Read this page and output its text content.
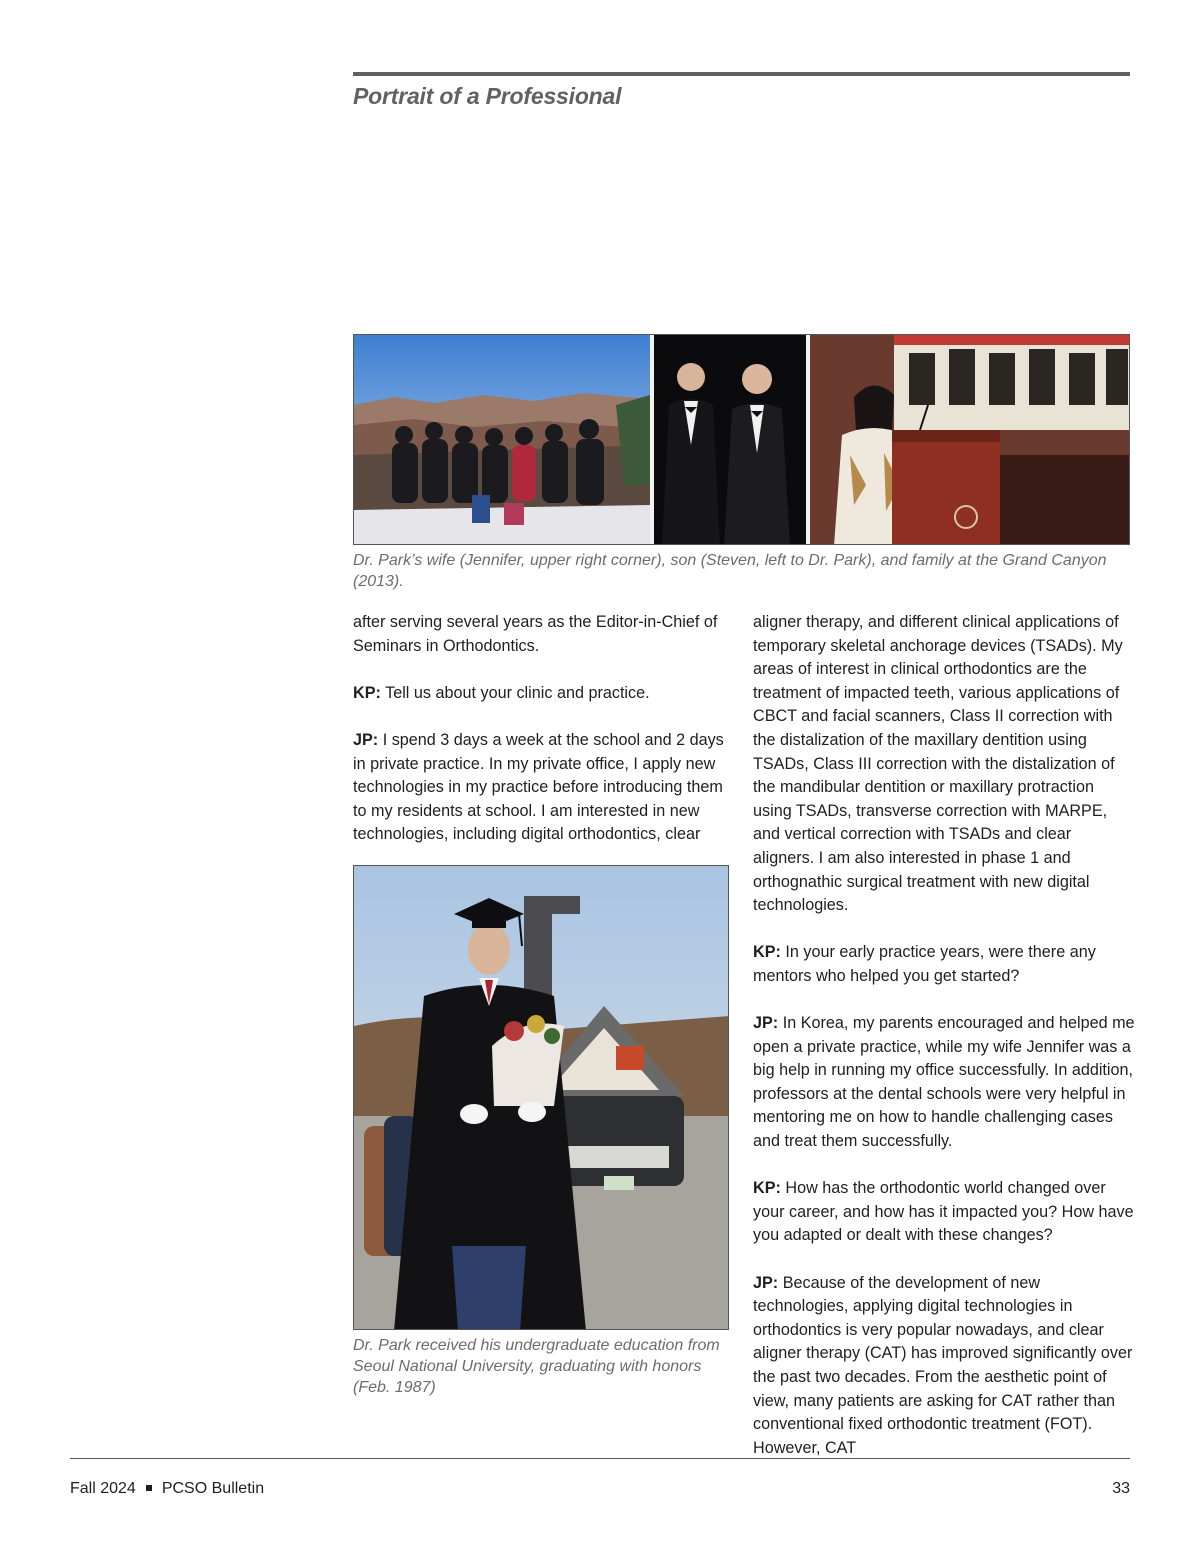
Portrait of a Professional

Dr. Park’s wife (Jennifer, upper right corner), son (Steven, left to Dr. Park), and family at the Grand Canyon (2013).

after serving several years as the Editor-in-Chief of Seminars in Orthodontics.

KP: Tell us about your clinic and practice.

JP: I spend 3 days a week at the school and 2 days in private practice. In my private office, I apply new technologies in my practice before introducing them to my residents at school. I am interested in new technologies, including digital orthodontics, clear

Dr. Park received his undergraduate education from Seoul National University, graduating with honors (Feb. 1987)

aligner therapy, and different clinical applications of temporary skeletal anchorage devices (TSADs). My areas of interest in clinical orthodontics are the treatment of impacted teeth, various applications of CBCT and facial scanners, Class II correction with the distalization of the maxillary dentition using TSADs, Class III correction with the distalization of the mandibular dentition or maxillary protraction using TSADs, transverse correction with MARPE, and vertical correction with TSADs and clear aligners. I am also interested in phase 1 and orthognathic surgical treatment with new digital technologies.

KP: In your early practice years, were there any mentors who helped you get started?

JP: In Korea, my parents encouraged and helped me open a private practice, while my wife Jennifer was a big help in running my office successfully. In addition, professors at the dental schools were very helpful in mentoring me on how to handle challenging cases and treat them successfully.

KP: How has the orthodontic world changed over your career, and how has it impacted you? How have you adapted or dealt with these changes?

JP: Because of the development of new technologies, applying digital technologies in orthodontics is very popular nowadays, and clear aligner therapy (CAT) has improved significantly over the past two decades. From the aesthetic point of view, many patients are asking for CAT rather than conventional fixed orthodontic treatment (FOT). However, CAT

Fall 2024 PCSO Bulletin	33
